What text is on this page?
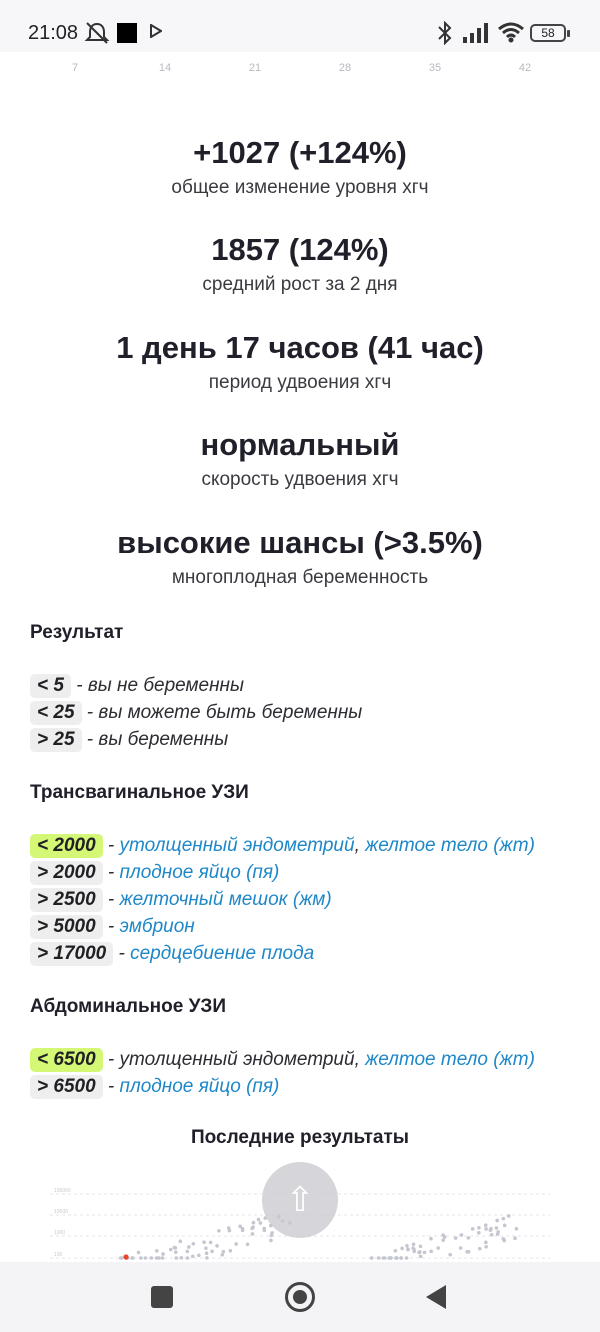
21:08	58
7	14	21	28	35	42
+1027 (+124%)
общее изменение уровня хгч
1857 (124%)
средний рост за 2 дня
1 день 17 часов (41 час)
период удвоения хгч
нормальный
скорость удвоения хгч
высокие шансы (>3.5%)
многоплодная беременность
Результат
< 5 - вы не беременны
< 25 - вы можете быть беременны
> 25 - вы беременны
Трансвагинальное УЗИ
< 2000 - утолщенный эндометрий, желтое тело (жт)
> 2000 - плодное яйцо (пя)
> 2500 - желточный мешок (жм)
> 5000 - эмбрион
> 17000 - сердцебиение плода
Абдоминальное УЗИ
< 6500 - утолщенный эндометрий, желтое тело (жт)
> 6500 - плодное яйцо (пя)
Последние результаты
100000
10000
1000
100
⇧
